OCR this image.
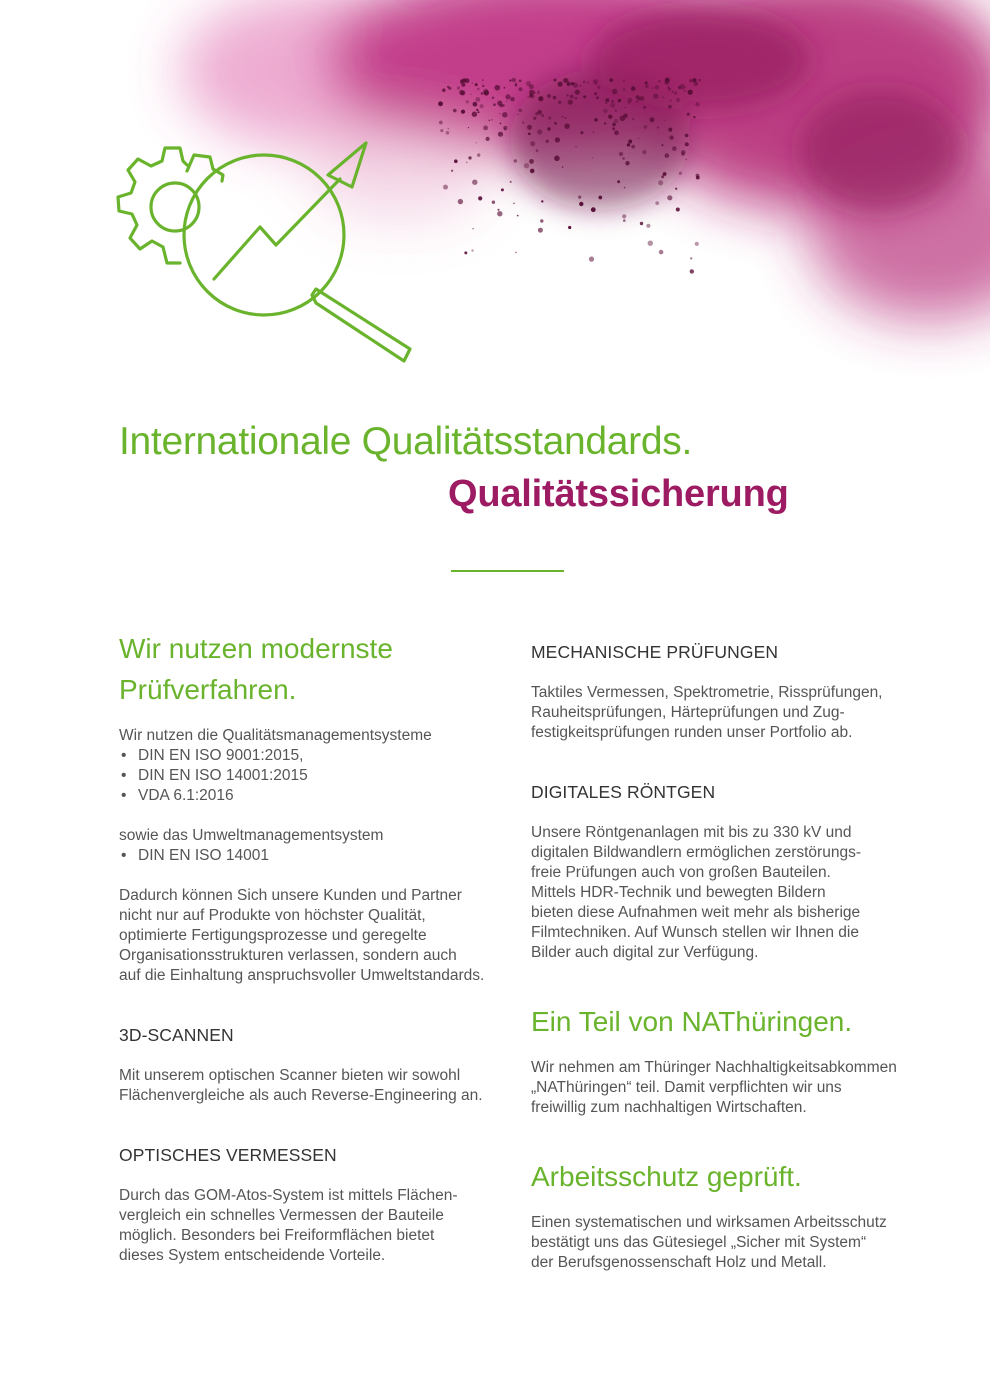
Internationale Qualitätsstandards.
Qualitätssicherung
Wir nutzen modernste
Prüfverfahren.

Wir nutzen die Qualitätsmanagementsysteme

• DIN EN ISO 9001:2015,
• DIN EN ISO 14001:2015
• VDA 6.1:2016

sowie das Umweltmanagementsystem

• DIN EN ISO 14001

Dadurch können Sich unsere Kunden und Partner
nicht nur auf Produkte von höchster Qualität,
optimierte Fertigungsprozesse und geregelte
Organisationsstrukturen verlassen, sondern auch
auf die Einhaltung anspruchsvoller Umweltstandards.

3D-SCANNEN

Mit unserem optischen Scanner bieten wir sowohl
Flächenvergleiche als auch Reverse-Engineering an.

OPTISCHES VERMESSEN

Durch das GOM-Atos-System ist mittels Flächen-
vergleich ein schnelles Vermessen der Bauteile
möglich. Besonders bei Freiformflächen bietet
dieses System entscheidende Vorteile.

MECHANISCHE PRÜFUNGEN

Taktiles Vermessen, Spektrometrie, Rissprüfungen,
Rauheitsprüfungen, Härteprüfungen und Zug-
festigkeitsprüfungen runden unser Portfolio ab.

DIGITALES RÖNTGEN

Unsere Röntgenanlagen mit bis zu 330 kV und
digitalen Bildwandlern ermöglichen zerstörungs-
freie Prüfungen auch von großen Bauteilen.
Mittels HDR-Technik und bewegten Bildern
bieten diese Aufnahmen weit mehr als bisherige
Filmtechniken. Auf Wunsch stellen wir Ihnen die
Bilder auch digital zur Verfügung.

Ein Teil von NAThüringen.

Wir nehmen am Thüringer Nachhaltigkeitsabkommen
„NAThüringen“ teil. Damit verpflichten wir uns
freiwillig zum nachhaltigen Wirtschaften.

Arbeitsschutz geprüft.

Einen systematischen und wirksamen Arbeitsschutz
bestätigt uns das Gütesiegel „Sicher mit System“
der Berufsgenossenschaft Holz und Metall.
